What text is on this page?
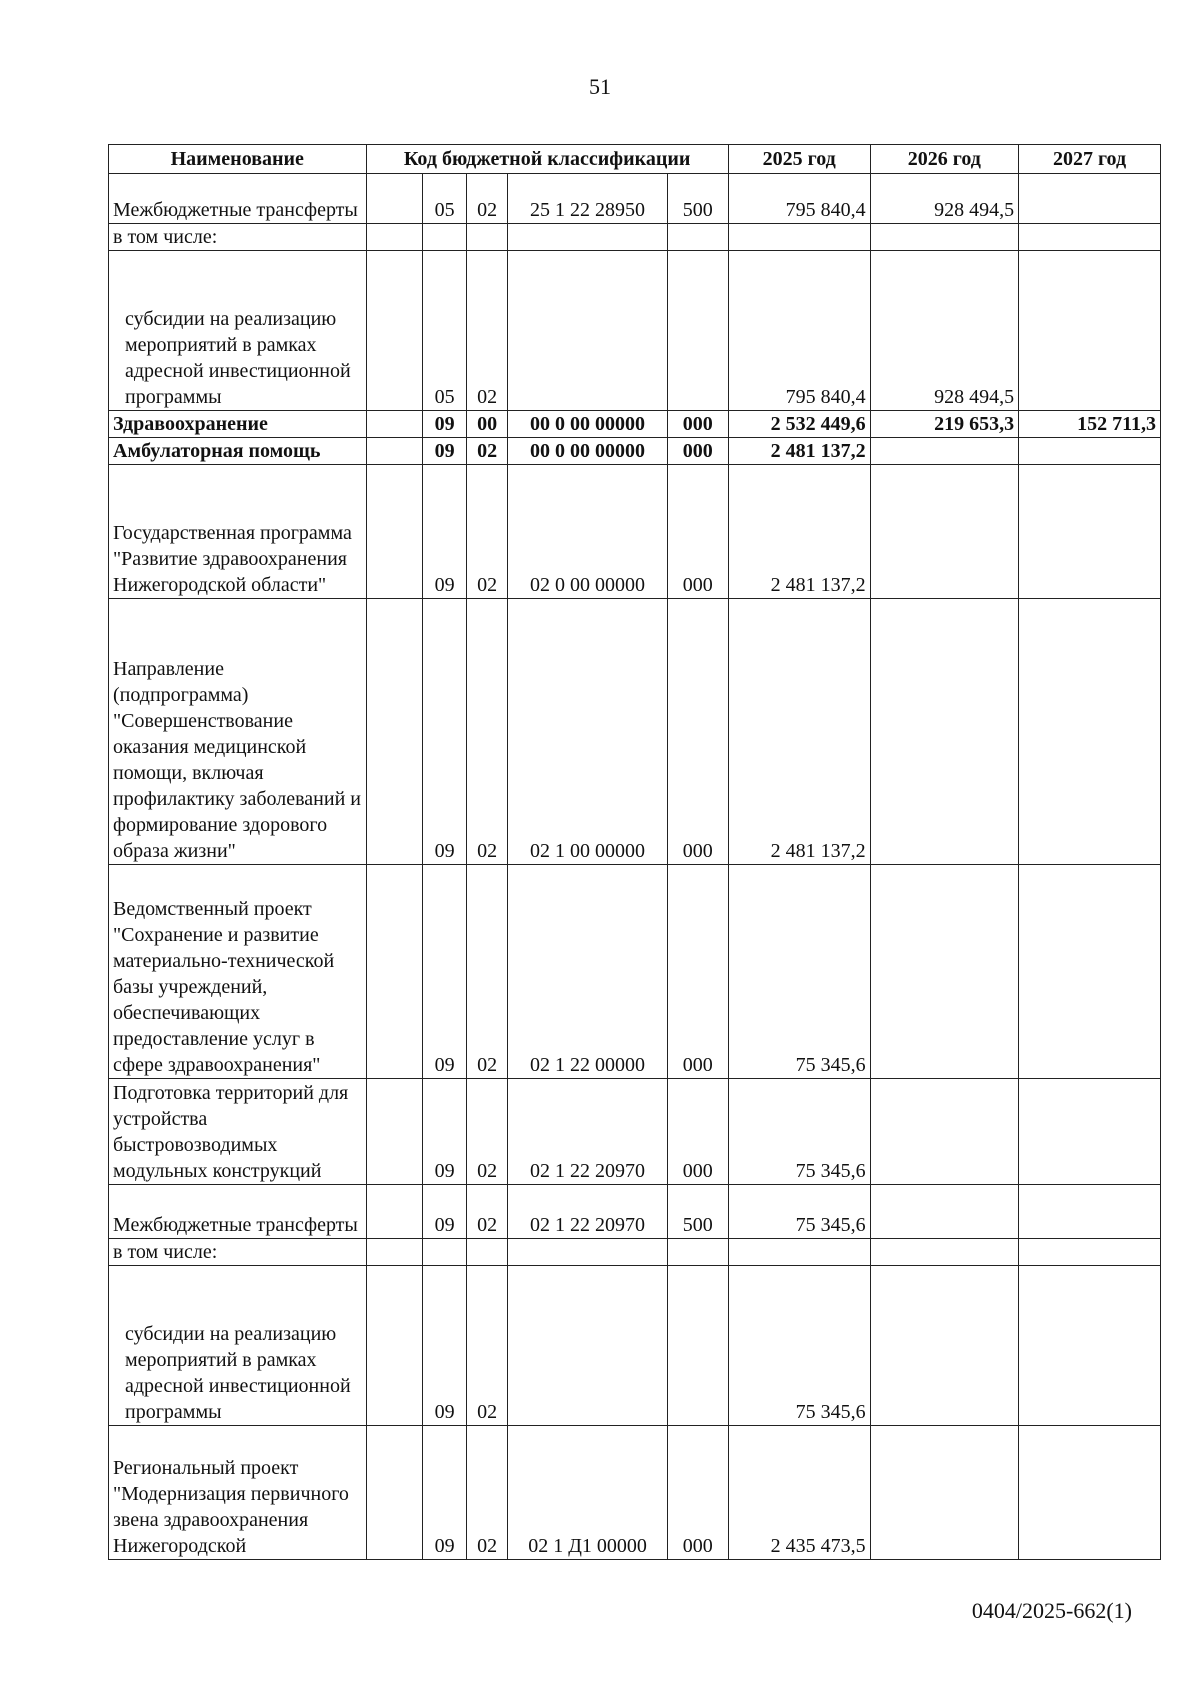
51
Наименование	Код бюджетной классификации					2025 год	2026 год	2027 год
Межбюджетные трансферты		05	02	25 1 22 28950	500	795 840,4	928 494,5	
в том числе:								
субсидии на реализацию мероприятий в рамках адресной инвестиционной программы		05	02			795 840,4	928 494,5	
Здравоохранение		09	00	00 0 00 00000	000	2 532 449,6	219 653,3	152 711,3
Амбулаторная помощь		09	02	00 0 00 00000	000	2 481 137,2		
Государственная программа "Развитие здравоохранения Нижегородской области"		09	02	02 0 00 00000	000	2 481 137,2		
Направление (подпрограмма) "Совершенствование оказания медицинской помощи, включая профилактику заболеваний и формирование здорового образа жизни"		09	02	02 1 00 00000	000	2 481 137,2		
Ведомственный проект "Сохранение и развитие материально-технической базы учреждений, обеспечивающих предоставление услуг в сфере здравоохранения"		09	02	02 1 22 00000	000	75 345,6		
Подготовка территорий для устройства быстровозводимых модульных конструкций		09	02	02 1 22 20970	000	75 345,6		
Межбюджетные трансферты		09	02	02 1 22 20970	500	75 345,6		
в том числе:								
субсидии на реализацию мероприятий в рамках адресной инвестиционной программы		09	02			75 345,6		
Региональный проект "Модернизация первичного звена здравоохранения Нижегородской		09	02	02 1 Д1 00000	000	2 435 473,5		
0404/2025-662(1)
